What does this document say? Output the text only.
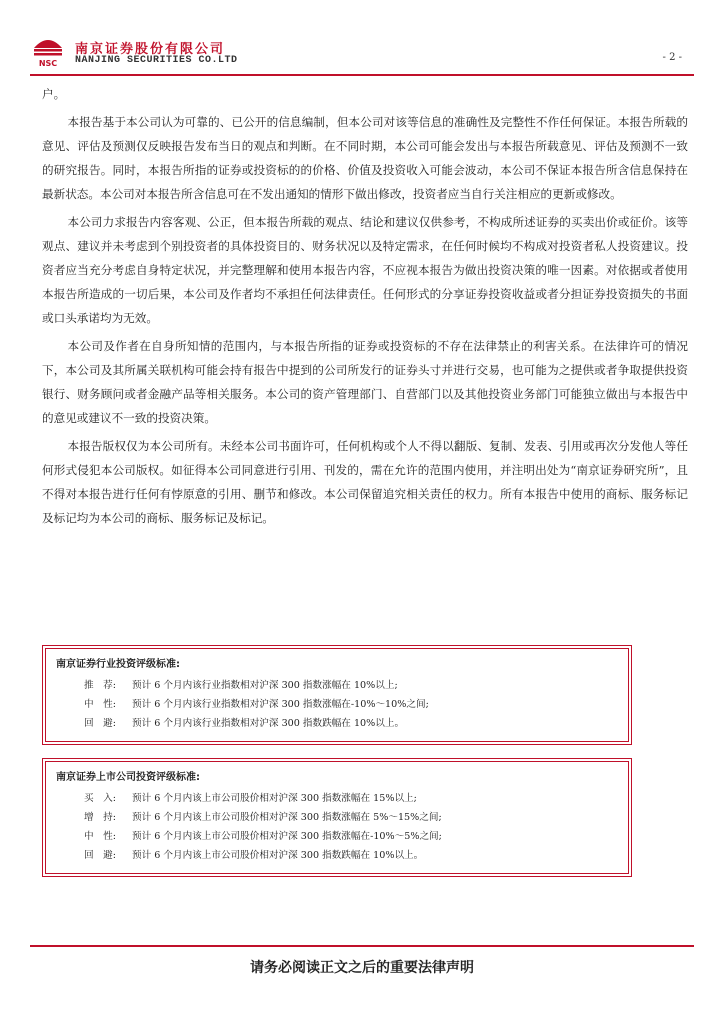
NSC
南京证券股份有限公司
NANJING SECURITIES CO.LTD	- 2 -

户。

本报告基于本公司认为可靠的、已公开的信息编制，但本公司对该等信息的准确性及完整性不作任何保证。本报告所载的意见、评估及预测仅反映报告发布当日的观点和判断。在不同时期，本公司可能会发出与本报告所载意见、评估及预测不一致的研究报告。同时，本报告所指的证券或投资标的的价格、价值及投资收入可能会波动，本公司不保证本报告所含信息保持在最新状态。本公司对本报告所含信息可在不发出通知的情形下做出修改，投资者应当自行关注相应的更新或修改。

本公司力求报告内容客观、公正，但本报告所载的观点、结论和建议仅供参考，不构成所述证券的买卖出价或征价。该等观点、建议并未考虑到个别投资者的具体投资目的、财务状况以及特定需求，在任何时候均不构成对投资者私人投资建议。投资者应当充分考虑自身特定状况，并完整理解和使用本报告内容，不应视本报告为做出投资决策的唯一因素。对依据或者使用本报告所造成的一切后果，本公司及作者均不承担任何法律责任。任何形式的分享证券投资收益或者分担证券投资损失的书面或口头承诺均为无效。

本公司及作者在自身所知情的范围内，与本报告所指的证券或投资标的不存在法律禁止的利害关系。在法律许可的情况下，本公司及其所属关联机构可能会持有报告中提到的公司所发行的证券头寸并进行交易，也可能为之提供或者争取提供投资银行、财务顾问或者金融产品等相关服务。本公司的资产管理部门、自营部门以及其他投资业务部门可能独立做出与本报告中的意见或建议不一致的投资决策。

本报告版权仅为本公司所有。未经本公司书面许可，任何机构或个人不得以翻版、复制、发表、引用或再次分发他人等任何形式侵犯本公司版权。如征得本公司同意进行引用、刊发的，需在允许的范围内使用，并注明出处为“南京证券研究所”，且不得对本报告进行任何有悖原意的引用、删节和修改。本公司保留追究相关责任的权力。所有本报告中使用的商标、服务标记及标记均为本公司的商标、服务标记及标记。

南京证券行业投资评级标准:
推　荐:	预计 6 个月内该行业指数相对沪深 300 指数涨幅在 10%以上;
中　性:	预计 6 个月内该行业指数相对沪深 300 指数涨幅在-10%～10%之间;
回　避:	预计 6 个月内该行业指数相对沪深 300 指数跌幅在 10%以上。
南京证券上市公司投资评级标准:
买　入:	预计 6 个月内该上市公司股价相对沪深 300 指数涨幅在 15%以上;
增　持:	预计 6 个月内该上市公司股价相对沪深 300 指数涨幅在 5%～15%之间;
中　性:	预计 6 个月内该上市公司股价相对沪深 300 指数涨幅在-10%～5%之间;
回　避:	预计 6 个月内该上市公司股价相对沪深 300 指数跌幅在 10%以上。
请务必阅读正文之后的重要法律声明
